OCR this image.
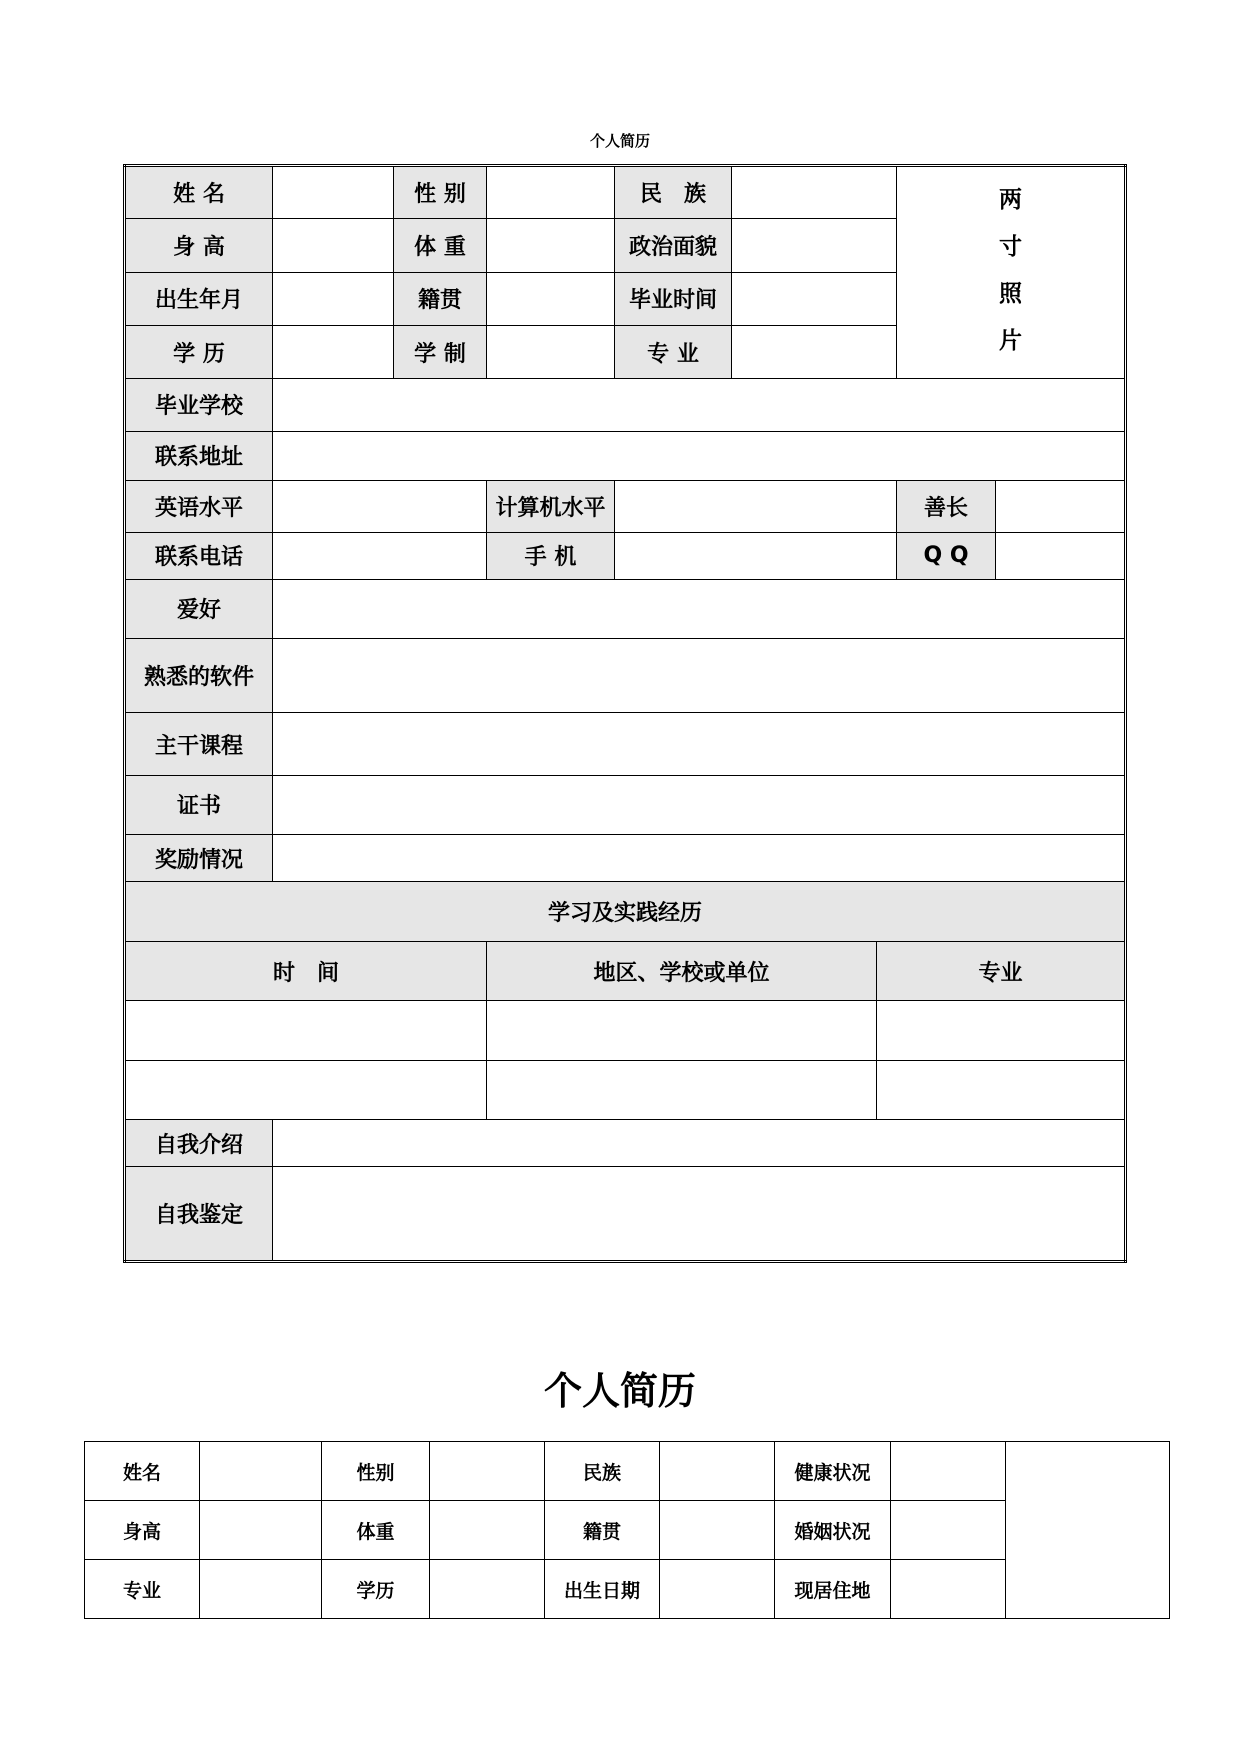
个人简历
姓 名		性 别		民　族			两
寸
照
片	

身 高		体 重		政治面貌				
出生年月		籍贯		毕业时间				
学 历		学 制		专 业				
毕业学校								
联系地址								
英语水平			计算机水平				善长	
联系电话			手 机				Q Q	
爱好								
熟悉的软件								
主干课程								
证书								
奖励情况								
学习及实践经历								
时　间			地区、学校或单位			专业		

自我介绍								
自我鉴定								
个人简历
姓名		性别		民族		健康状况		
身高		体重		籍贯		婚姻状况		
专业		学历		出生日期		现居住地		
